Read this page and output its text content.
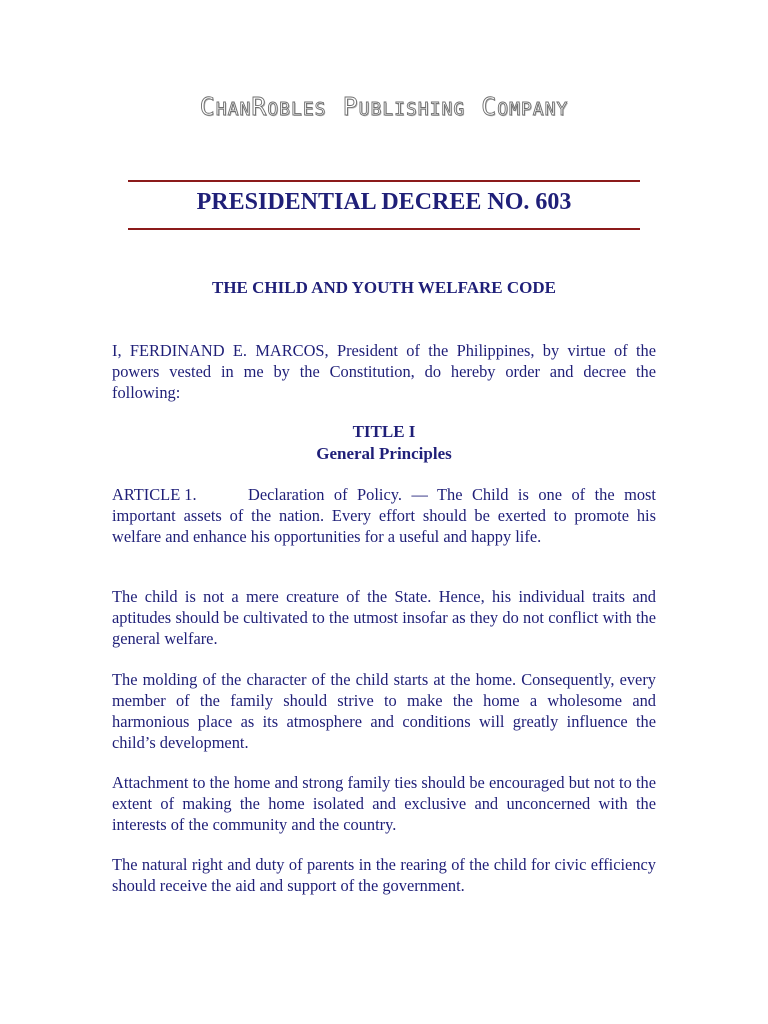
ChanRobles Publishing Company
PRESIDENTIAL DECREE NO. 603
THE CHILD AND YOUTH WELFARE CODE
I, FERDINAND E. MARCOS, President of the Philippines, by virtue of the powers vested in me by the Constitution, do hereby order and decree the following:
TITLE I
General Principles
ARTICLE 1.	Declaration of Policy. — The Child is one of the most important assets of the nation. Every effort should be exerted to promote his welfare and enhance his opportunities for a useful and happy life.
The child is not a mere creature of the State. Hence, his individual traits and aptitudes should be cultivated to the utmost insofar as they do not conflict with the general welfare.
The molding of the character of the child starts at the home. Consequently, every member of the family should strive to make the home a wholesome and harmonious place as its atmosphere and conditions will greatly influence the child’s development.
Attachment to the home and strong family ties should be encouraged but not to the extent of making the home isolated and exclusive and unconcerned with the interests of the community and the country.
The natural right and duty of parents in the rearing of the child for civic efficiency should receive the aid and support of the government.
